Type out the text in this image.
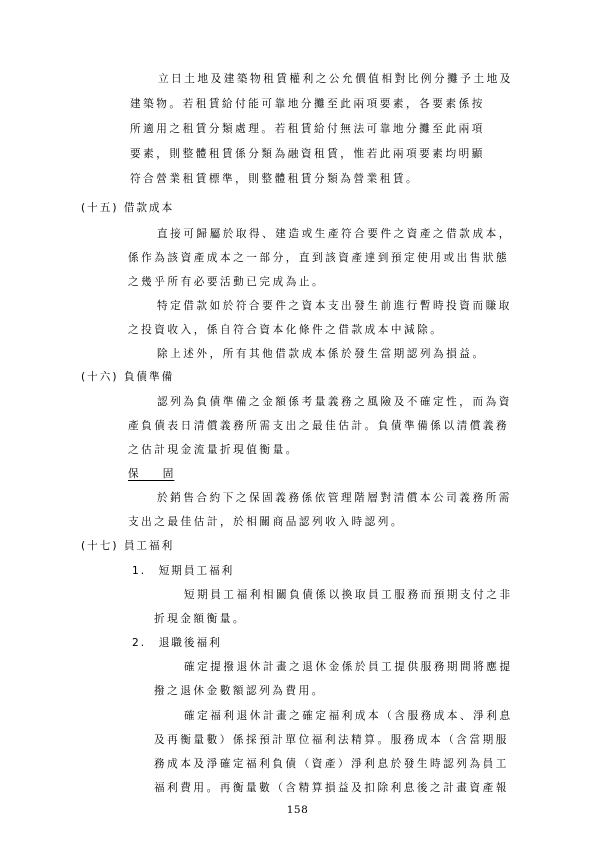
立日土地及建築物租賃權利之公允價值相對比例分攤予土地及

建築物。若租賃給付能可靠地分攤至此兩項要素，各要素係按

所適用之租賃分類處理。若租賃給付無法可靠地分攤至此兩項

要素，則整體租賃係分類為融資租賃，惟若此兩項要素均明顯

符合營業租賃標準，則整體租賃分類為營業租賃。

(十五) 借款成本

直接可歸屬於取得、建造或生產符合要件之資產之借款成本，

係作為該資產成本之一部分，直到該資產達到預定使用或出售狀態

之幾乎所有必要活動已完成為止。

特定借款如於符合要件之資本支出發生前進行暫時投資而賺取

之投資收入，係自符合資本化條件之借款成本中減除。

除上述外，所有其他借款成本係於發生當期認列為損益。

(十六) 負債準備

認列為負債準備之金額係考量義務之風險及不確定性，而為資

產負債表日清償義務所需支出之最佳估計。負債準備係以清償義務

之估計現金流量折現值衡量。

保　　固

於銷售合約下之保固義務係依管理階層對清償本公司義務所需

支出之最佳估計，於相關商品認列收入時認列。

(十七) 員工福利

1.　短期員工福利

短期員工福利相關負債係以換取員工服務而預期支付之非

折現金額衡量。

2.　退職後福利

確定提撥退休計畫之退休金係於員工提供服務期間將應提

撥之退休金數額認列為費用。

確定福利退休計畫之確定福利成本（含服務成本、淨利息

及再衡量數）係採預計單位福利法精算。服務成本（含當期服

務成本及淨確定福利負債（資產）淨利息於發生時認列為員工

福利費用。再衡量數（含精算損益及扣除利息後之計畫資產報

158
